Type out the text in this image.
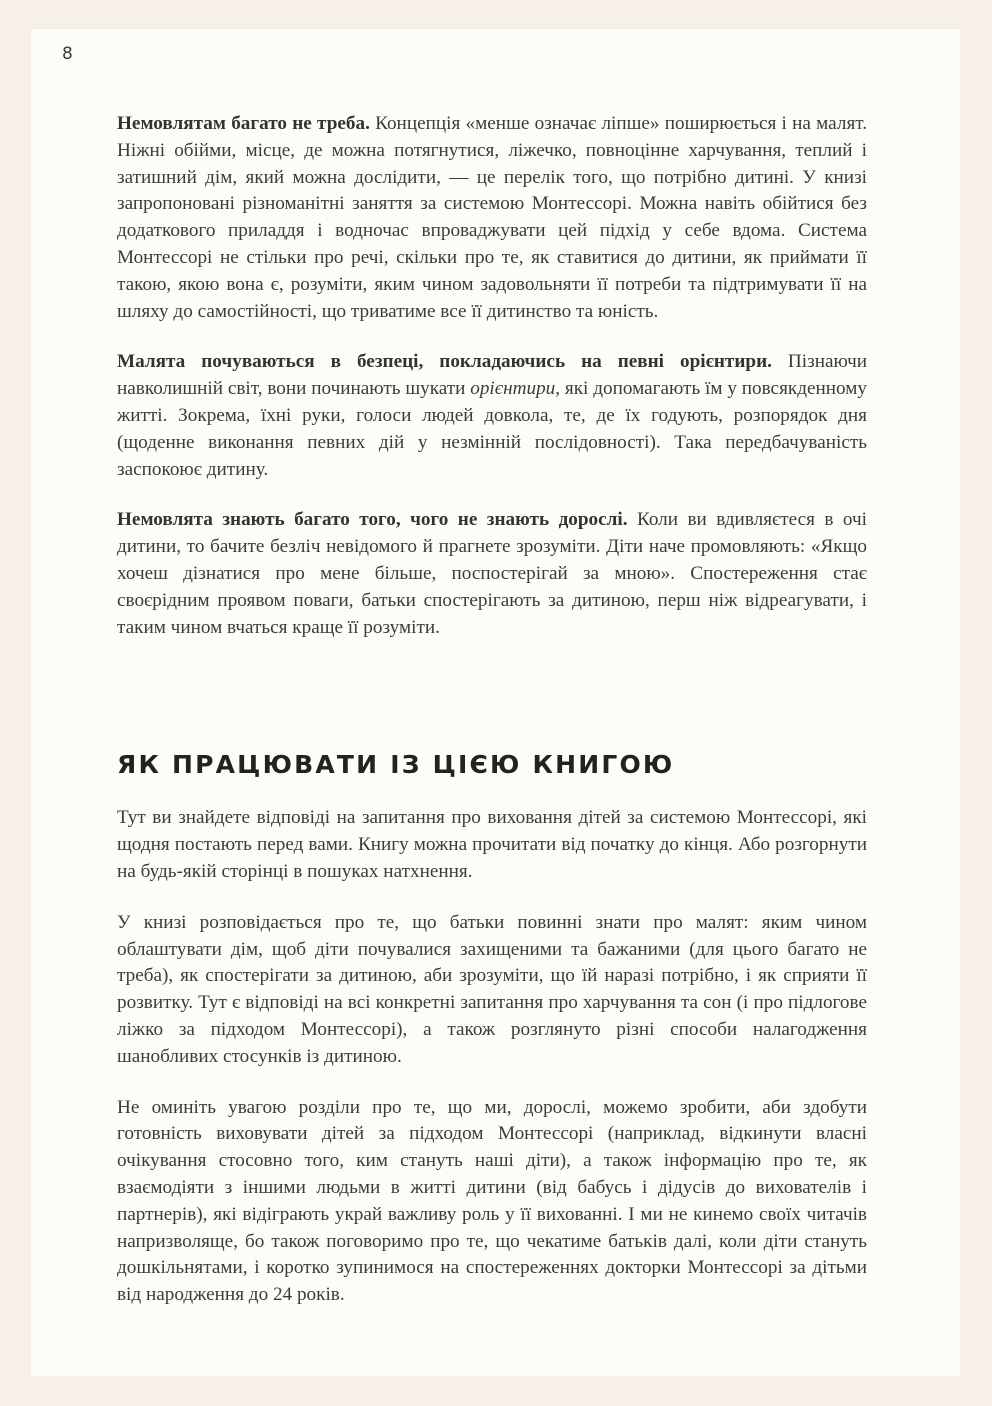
8

Немовлятам багато не треба. Концепція «менше означає ліпше» поширюється і на малят. Ніжні обійми, місце, де можна потягнутися, ліжечко, повноцінне харчування, теплий і затишний дім, який можна дослідити, — це перелік того, що потрібно дитині. У книзі запропоновані різноманітні заняття за системою Монтессорі. Можна навіть обійтися без додаткового приладдя і водночас впроваджувати цей підхід у себе вдома. Система Монтессорі не стільки про речі, скільки про те, як ставитися до дитини, як приймати її такою, якою вона є, розуміти, яким чином задовольняти її потреби та підтримувати її на шляху до самостійності, що триватиме все її дитинство та юність.

Малята почуваються в безпеці, покладаючись на певні орієнтири. Пізнаючи навколишній світ, вони починають шукати орієнтири, які допомагають їм у повсякденному житті. Зокрема, їхні руки, голоси людей довкола, те, де їх годують, розпорядок дня (щоденне виконання певних дій у незмінній послідовності). Така передбачуваність заспокоює дитину.

Немовлята знають багато того, чого не знають дорослі. Коли ви вдивляєтеся в очі дитини, то бачите безліч невідомого й прагнете зрозуміти. Діти наче промовляють: «Якщо хочеш дізнатися про мене більше, поспостерігай за мною». Спостереження стає своєрідним проявом поваги, батьки спостерігають за дитиною, перш ніж відреагувати, і таким чином вчаться краще її розуміти.

ЯК ПРАЦЮВАТИ ІЗ ЦІЄЮ КНИГОЮ

Тут ви знайдете відповіді на запитання про виховання дітей за системою Монтессорі, які щодня постають перед вами. Книгу можна прочитати від початку до кінця. Або розгорнути на будь-якій сторінці в пошуках натхнення.

У книзі розповідається про те, що батьки повинні знати про малят: яким чином облаштувати дім, щоб діти почувалися захищеними та бажаними (для цього багато не треба), як спостерігати за дитиною, аби зрозуміти, що їй наразі потрібно, і як сприяти її розвитку. Тут є відповіді на всі конкретні запитання про харчування та сон (і про підлогове ліжко за підходом Монтессорі), а також розглянуто різні способи налагодження шанобливих стосунків із дитиною.

Не оминіть увагою розділи про те, що ми, дорослі, можемо зробити, аби здобути готовність виховувати дітей за підходом Монтессорі (наприклад, відкинути власні очікування стосовно того, ким стануть наші діти), а також інформацію про те, як взаємодіяти з іншими людьми в житті дитини (від бабусь і дідусів до вихователів і партнерів), які відіграють украй важливу роль у її вихованні. І ми не кинемо своїх читачів напризволяще, бо також поговоримо про те, що чекатиме батьків далі, коли діти стануть дошкільнятами, і коротко зупинимося на спостереженнях докторки Монтессорі за дітьми від народження до 24 років.
